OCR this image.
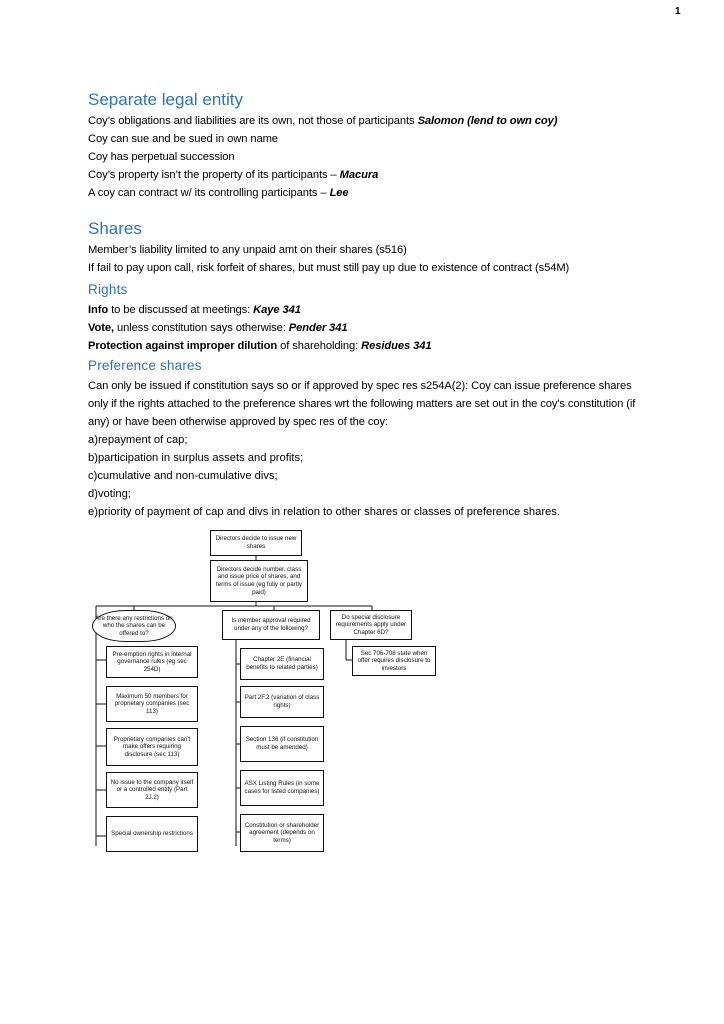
1
Separate legal entity
Coy’s obligations and liabilities are its own, not those of participants Salomon (lend to own coy)
Coy can sue and be sued in own name
Coy has perpetual succession
Coy’s property isn’t the property of its participants – Macura
A coy can contract w/ its controlling participants – Lee
Shares
Member’s liability limited to any unpaid amt on their shares (s516)
If fail to pay upon call, risk forfeit of shares, but must still pay up due to existence of contract (s54M)
Rights
Info to be discussed at meetings: Kaye 341
Vote, unless constitution says otherwise: Pender 341
Protection against improper dilution of shareholding: Residues 341
Preference shares
Can only be issued if constitution says so or if approved by spec res s254A(2): Coy can issue preference shares only if the rights attached to the preference shares wrt the following matters are set out in the coy's constitution (if any) or have been otherwise approved by spec res of the coy:
a)repayment of cap;
b)participation in surplus assets and profits;
c)cumulative and non-cumulative divs;
d)voting;
e)priority of payment of cap and divs in relation to other shares or classes of preference shares.
Directors decide to issue new shares
Directors decide number, class and issue price of shares, and terms of issue (eg fully or partly paid)
Are there any restrictions on who the shares can be offered to?
Is member approval required under any of the following?
Do special disclosure requirements apply under Chapter 6D?
Pre-emption rights in internal governance rules (eg sec 254D)
Maximum 50 members for proprietary companies (sec 113)
Proprietary companies can't make offers requiring disclosure (sec 113)
No issue to the company itself or a controlled entity (Part 2J.2)
Special ownership restrictions
Chapter 2E (financial benefits to related parties)
Part 2F.2 (variation of class rights)
Section 136 (if constitution must be amended)
ASX Listing Rules (in some cases for listed companies)
Constitution or shareholder agreement (depends on terms)
Sec 706-708 state when offer requires disclosure to investors
